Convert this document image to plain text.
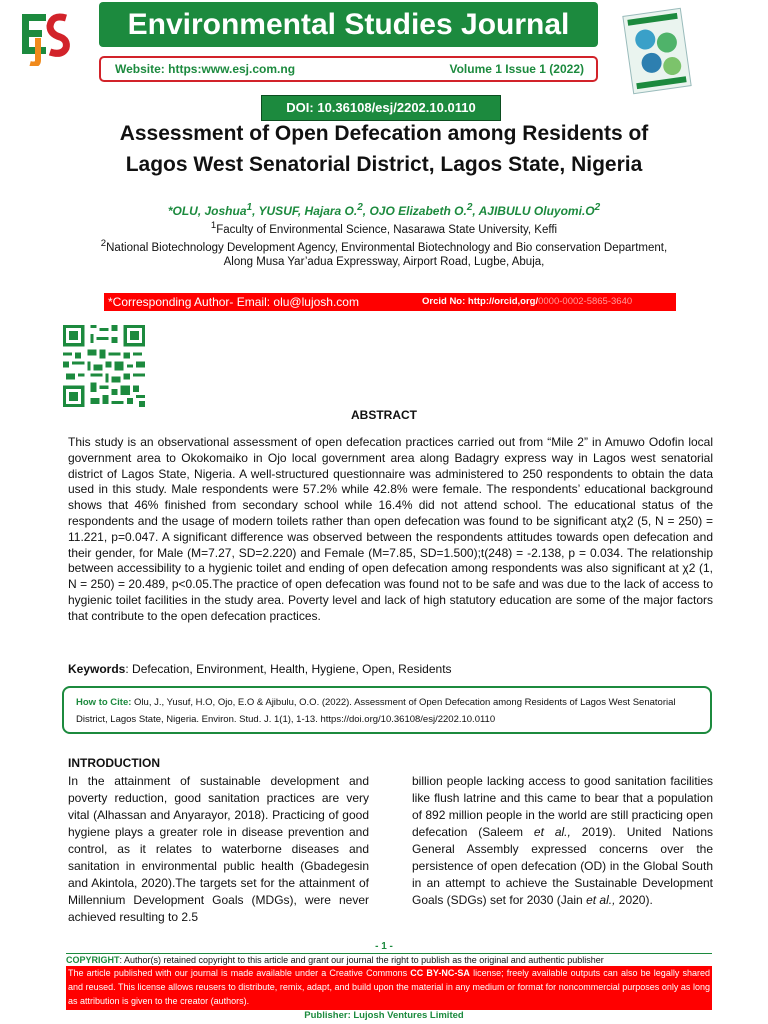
Environmental Studies Journal
Website: https:www.esj.com.ng	Volume 1 Issue 1 (2022)
DOI: 10.36108/esj/2202.10.0110
Assessment of Open Defecation among Residents of
Lagos West Senatorial District, Lagos State, Nigeria
*OLU, Joshua$^1$, YUSUF, Hajara O.$^2$, OJO Elizabeth O.$^2$, AJIBULU $Oluyomi.O^2$
$^1$Faculty of Environmental Science, Nasarawa State University, Keffi
$^2$National Biotechnology Development Agency, Environmental Biotechnology and Bio conservation Department,
Along Musa Yar’adua Expressway, Airport Road, Lugbe, Abuja,
*Corresponding Author- Email: olu@lujosh.com	Orcid No: http://orcid,org/0000-0002-5865-3640
ABSTRACT
This study is an observational assessment of open defecation practices carried out from “Mile 2” in Amuwo Odofin local government area to Okokomaiko in Ojo local government area along Badagry express way in Lagos west senatorial district of Lagos State, Nigeria. A well-structured questionnaire was administered to 250 respondents to obtain the data used in this study. Male respondents were 57.2% while 42.8% were female. The respondents’ educational background shows that 46% finished from secondary school while 16.4% did not attend school. The educational status of the respondents and the usage of modern toilets rather than open defecation was found to be significant atχ2 (5, N = 250) = 11.221, p=0.047. A significant difference was observed between the respondents attitudes towards open defecation and their gender, for Male (M=7.27, SD=2.220) and Female (M=7.85, SD=1.500);t(248) = -2.138, p = 0.034. The relationship between accessibility to a hygienic toilet and ending of open defecation among respondents was also significant at χ2 (1, N = 250) = 20.489, p<0.05.The practice of open defecation was found not to be safe and was due to the lack of access to hygienic toilet facilities in the study area. Poverty level and lack of high statutory education are some of the major factors that contribute to the open defecation practices.
Keywords: Defecation, Environment, Health, Hygiene, Open, Residents
How to Cite: Olu, J., Yusuf, H.O, Ojo, E.O & Ajibulu, O.O. (2022). Assessment of Open Defecation among Residents of Lagos West Senatorial District, Lagos State, Nigeria. Environ. Stud. J. 1(1), 1-13. https://doi.org/10.36108/esj/2202.10.0110
INTRODUCTION
In the attainment of sustainable development and poverty reduction, good sanitation practices are very vital (Alhassan and Anyarayor, 2018). Practicing of good hygiene plays a greater role in disease prevention and control, as it relates to waterborne diseases and sanitation in environmental public health (Gbadegesin and Akintola, 2020).The targets set for the attainment of Millennium Development Goals (MDGs), were never achieved resulting to 2.5
billion people lacking access to good sanitation facilities like flush latrine and this came to bear that a population of 892 million people in the world are still practicing open defecation (Saleem et al., 2019). United Nations General Assembly expressed concerns over the persistence of open defecation (OD) in the Global South in an attempt to achieve the Sustainable Development Goals (SDGs) set for 2030 (Jain et al., 2020).
- 1 -
COPYRIGHT: Author(s) retained copyright to this article and grant our journal the right to publish as the original and authentic publisher
The article published with our journal is made available under a Creative Commons CC BY-NC-SA license; freely available outputs can also be legally shared and reused. This license allows reusers to distribute, remix, adapt, and build upon the material in any medium or format for noncommercial purposes only as long as attribution is given to the creator (authors).
Publisher: Lujosh Ventures Limited
